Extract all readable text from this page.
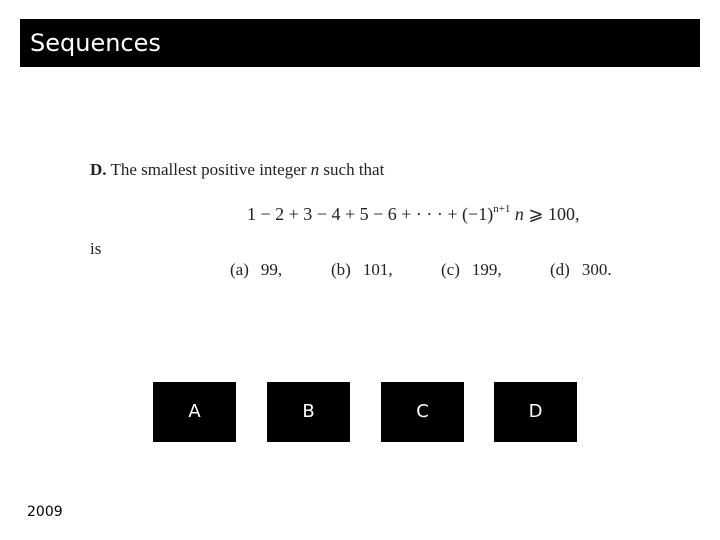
Sequences
D. The smallest positive integer n such that
1 − 2 + 3 − 4 + 5 − 6 + · · · + $(-1)^{n+1}$ n ⩾ 100,
is
(a) 99,	(b) 101,	(c) 199,	(d) 300.
A	B	C	D
2009
